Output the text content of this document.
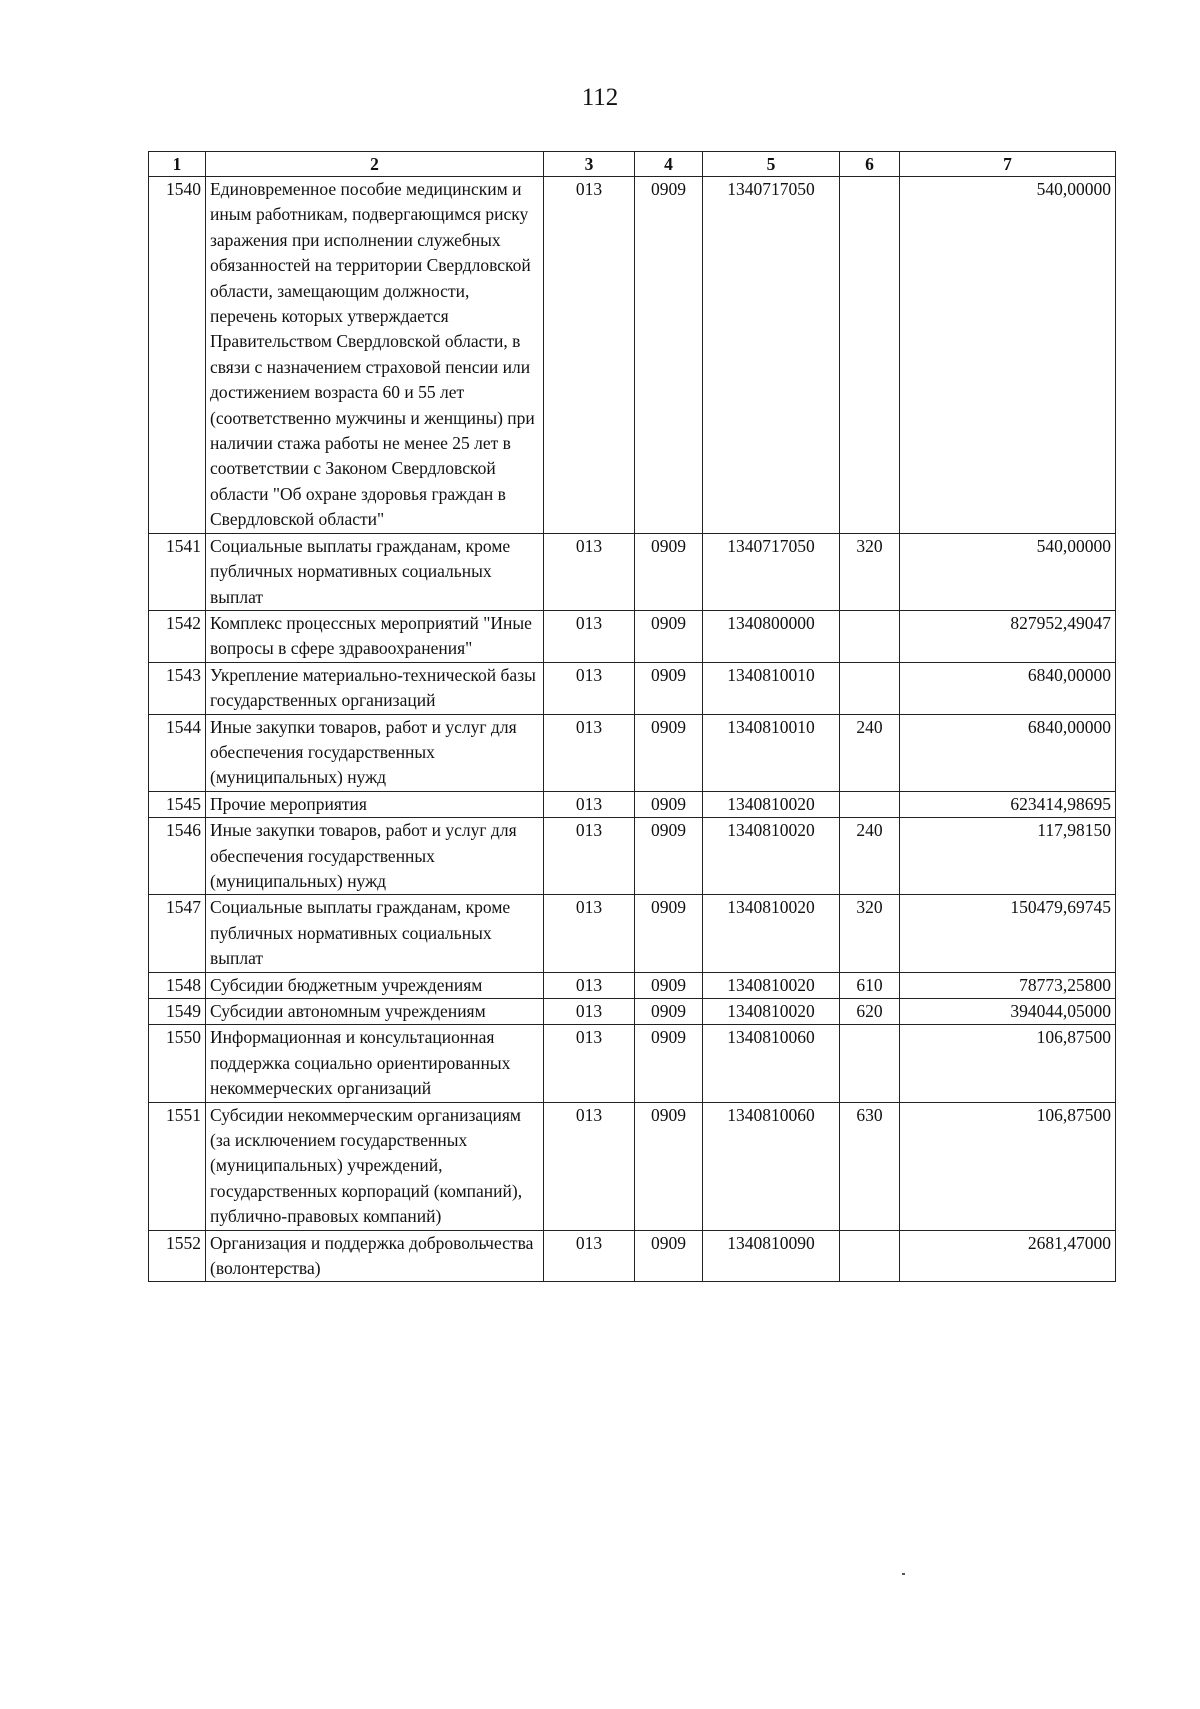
112
1	2	3	4	5	6	7
1540	Единовременное пособие медицинским и иным работникам, подвергающимся риску заражения при исполнении служебных обязанностей на территории Свердловской области, замещающим должности, перечень которых утверждается Правительством Свердловской области, в связи с назначением страховой пенсии или достижением возраста 60 и 55 лет (соответственно мужчины и женщины) при наличии стажа работы не менее 25 лет в соответствии с Законом Свердловской области "Об охране здоровья граждан в Свердловской области"	013	0909	1340717050		540,00000
1541	Социальные выплаты гражданам, кроме публичных нормативных социальных выплат	013	0909	1340717050	320	540,00000
1542	Комплекс процессных мероприятий "Иные вопросы в сфере здравоохранения"	013	0909	1340800000		827952,49047
1543	Укрепление материально-технической базы государственных организаций	013	0909	1340810010		6840,00000
1544	Иные закупки товаров, работ и услуг для обеспечения государственных (муниципальных) нужд	013	0909	1340810010	240	6840,00000
1545	Прочие мероприятия	013	0909	1340810020		623414,98695
1546	Иные закупки товаров, работ и услуг для обеспечения государственных (муниципальных) нужд	013	0909	1340810020	240	117,98150
1547	Социальные выплаты гражданам, кроме публичных нормативных социальных выплат	013	0909	1340810020	320	150479,69745
1548	Субсидии бюджетным учреждениям	013	0909	1340810020	610	78773,25800
1549	Субсидии автономным учреждениям	013	0909	1340810020	620	394044,05000
1550	Информационная и консультационная поддержка социально ориентированных некоммерческих организаций	013	0909	1340810060		106,87500
1551	Субсидии некоммерческим организациям (за исключением государственных (муниципальных) учреждений, государственных корпораций (компаний), публично-правовых компаний)	013	0909	1340810060	630	106,87500
1552	Организация и поддержка добровольчества (волонтерства)	013	0909	1340810090		2681,47000
